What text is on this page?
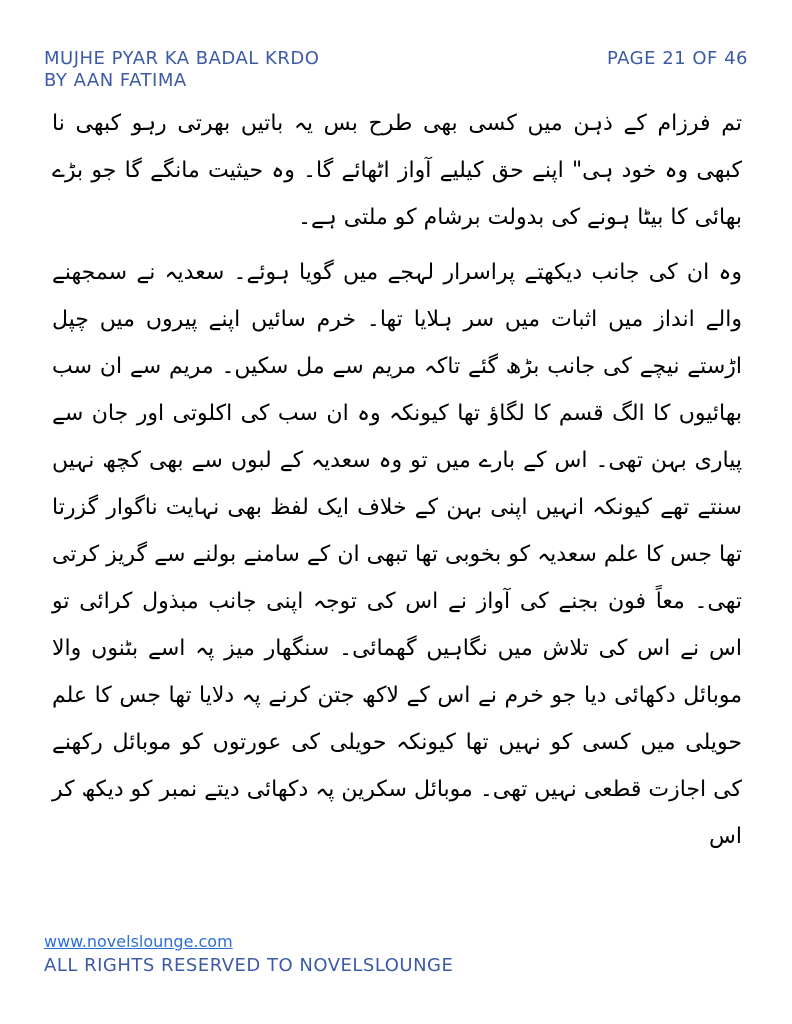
MUJHE PYAR KA BADAL KRDO
BY AAN FATIMA
PAGE 21 OF 46

تم فرزام کے ذہن میں کسی بھی طرح بس یہ باتیں بھرتی رہو کبھی نا کبھی وہ خود ہی" اپنے حق کیلیے آواز اٹھائے گا۔ وہ حیثیت مانگے گا جو بڑے بھائی کا بیٹا ہونے کی بدولت برشام کو ملتی ہے۔

وہ ان کی جانب دیکھتے پراسرار لہجے میں گویا ہوئے۔ سعدیہ نے سمجھنے والے انداز میں اثبات میں سر ہلایا تھا۔ خرم سائیں اپنے پیروں میں چپل اڑستے نیچے کی جانب بڑھ گئے تاکہ مریم سے مل سکیں۔ مریم سے ان سب بھائیوں کا الگ قسم کا لگاؤ تھا کیونکہ وہ ان سب کی اکلوتی اور جان سے پیاری بہن تھی۔ اس کے بارے میں تو وہ سعدیہ کے لبوں سے بھی کچھ نہیں سنتے تھے کیونکہ انہیں اپنی بہن کے خلاف ایک لفظ بھی نہایت ناگوار گزرتا تھا جس کا علم سعدیہ کو بخوبی تھا تبھی ان کے سامنے بولنے سے گریز کرتی تھی۔ معاً فون بجنے کی آواز نے اس کی توجہ اپنی جانب مبذول کرائی تو اس نے اس کی تلاش میں نگاہیں گھمائی۔ سنگھار میز پہ اسے بٹنوں والا موبائل دکھائی دیا جو خرم نے اس کے لاکھ جتن کرنے پہ دلایا تھا جس کا علم حویلی میں کسی کو نہیں تھا کیونکہ حویلی کی عورتوں کو موبائل رکھنے کی اجازت قطعی نہیں تھی۔ موبائل سکرین پہ دکھائی دیتے نمبر کو دیکھ کر اس

www.novelslounge.com
ALL RIGHTS RESERVED TO NOVELSLOUNGE
